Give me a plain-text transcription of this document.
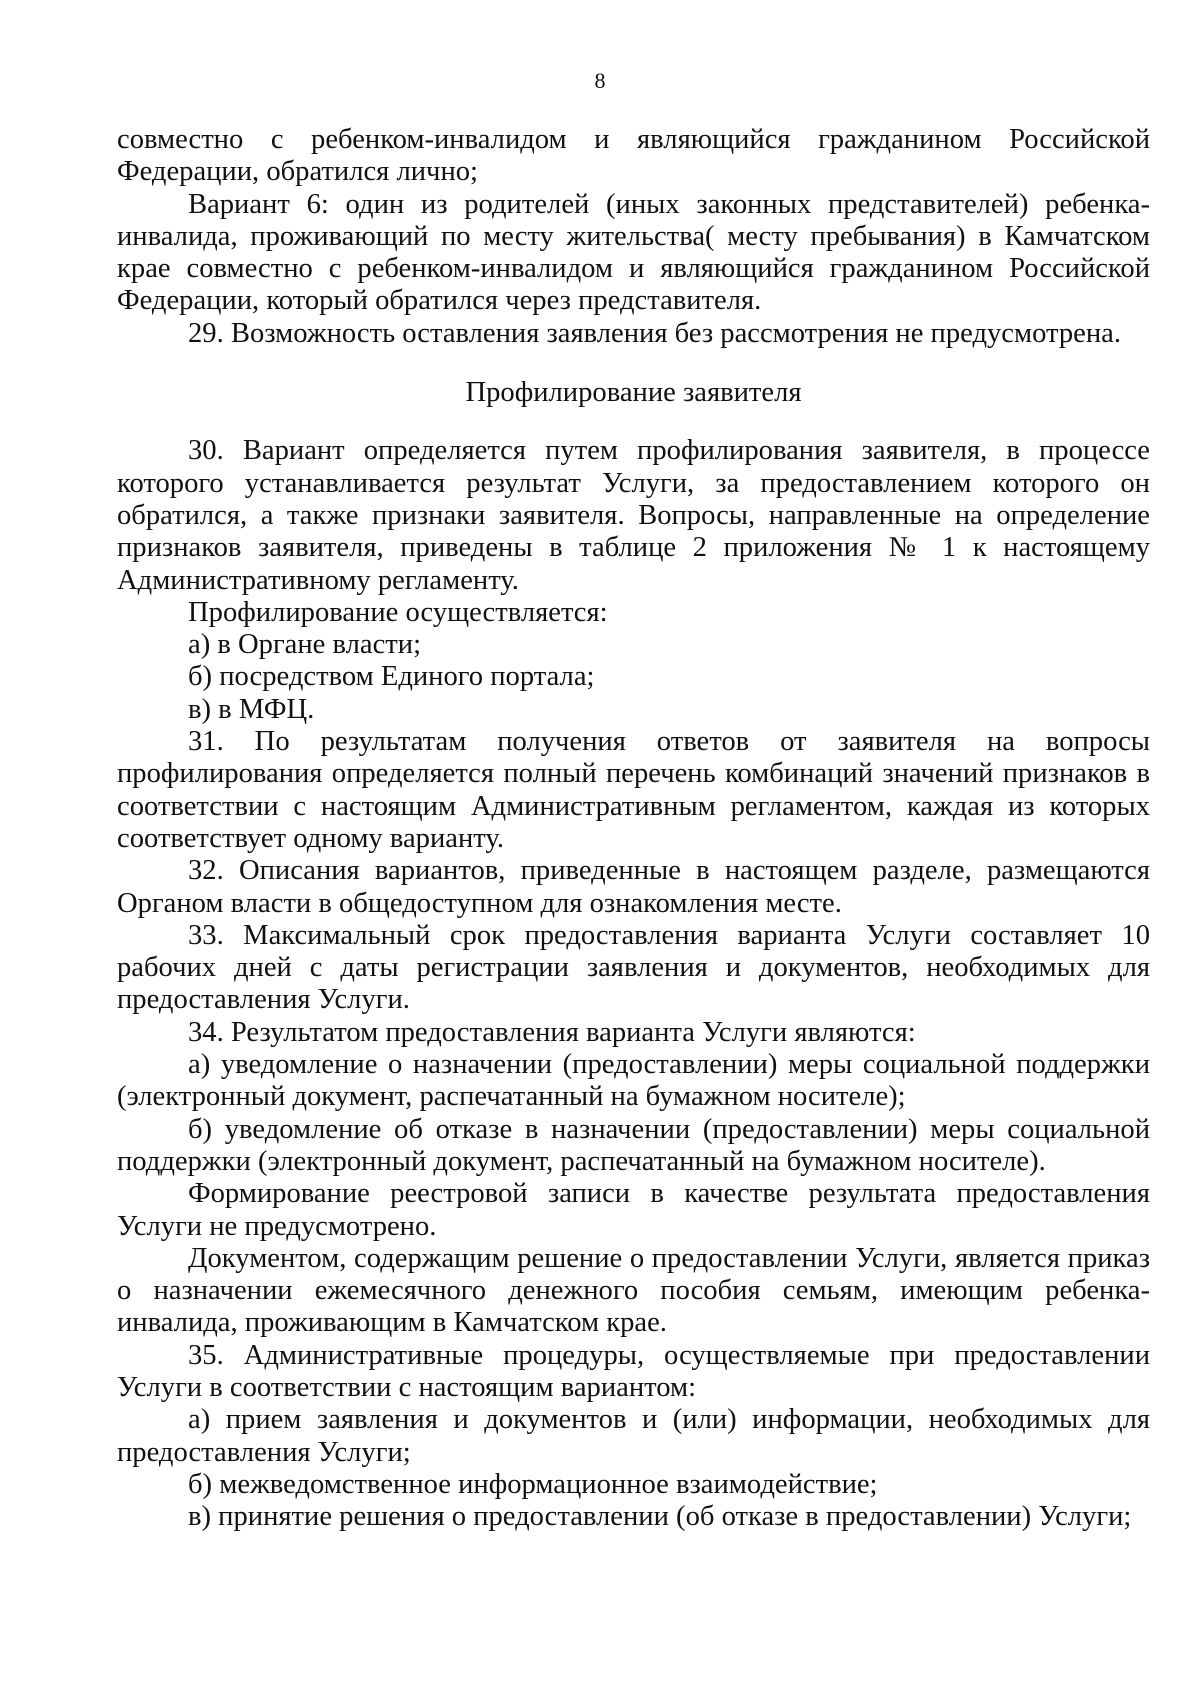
8

совместно с ребенком-инвалидом и являющийся гражданином Российской Федерации, обратился лично;

Вариант 6: один из родителей (иных законных представителей) ребенка-инвалида, проживающий по месту жительства( месту пребывания) в Камчатском крае совместно с ребенком-инвалидом и являющийся гражданином Российской Федерации, который обратился через представителя.

29. Возможность оставления заявления без рассмотрения не предусмотрена.

Профилирование заявителя

30. Вариант определяется путем профилирования заявителя, в процессе которого устанавливается результат Услуги, за предоставлением которого он обратился, а также признаки заявителя. Вопросы, направленные на определение признаков заявителя, приведены в таблице 2 приложения № 1 к настоящему Административному регламенту.

Профилирование осуществляется:

а) в Органе власти;

б) посредством Единого портала;

в) в МФЦ.

31. По результатам получения ответов от заявителя на вопросы профилирования определяется полный перечень комбинаций значений признаков в соответствии с настоящим Административным регламентом, каждая из которых соответствует одному варианту.

32. Описания вариантов, приведенные в настоящем разделе, размещаются Органом власти в общедоступном для ознакомления месте.

33. Максимальный срок предоставления варианта Услуги составляет 10 рабочих дней с даты регистрации заявления и документов, необходимых для предоставления Услуги.

34. Результатом предоставления варианта Услуги являются:

а) уведомление о назначении (предоставлении) меры социальной поддержки (электронный документ, распечатанный на бумажном носителе);

б) уведомление об отказе в назначении (предоставлении) меры социальной поддержки (электронный документ, распечатанный на бумажном носителе).

Формирование реестровой записи в качестве результата предоставления Услуги не предусмотрено.

Документом, содержащим решение о предоставлении Услуги, является приказ о назначении ежемесячного денежного пособия семьям, имеющим ребенка-инвалида, проживающим в Камчатском крае.

35. Административные процедуры, осуществляемые при предоставлении Услуги в соответствии с настоящим вариантом:

а) прием заявления и документов и (или) информации, необходимых для предоставления Услуги;

б) межведомственное информационное взаимодействие;

в) принятие решения о предоставлении (об отказе в предоставлении) Услуги;
